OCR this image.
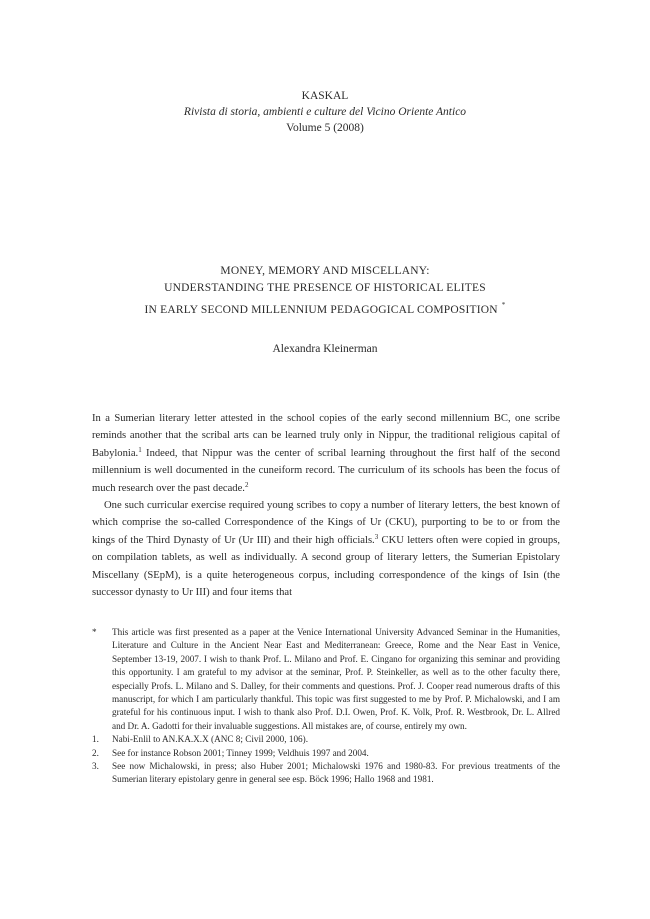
KASKAL
Rivista di storia, ambienti e culture del Vicino Oriente Antico
Volume 5 (2008)
MONEY, MEMORY AND MISCELLANY:
UNDERSTANDING THE PRESENCE OF HISTORICAL ELITES
IN EARLY SECOND MILLENNIUM PEDAGOGICAL COMPOSITION *
Alexandra Kleinerman

In a Sumerian literary letter attested in the school copies of the early second millennium BC, one scribe reminds another that the scribal arts can be learned truly only in Nippur, the traditional religious capital of Babylonia.$^1$ Indeed, that Nippur was the center of scribal learning throughout the first half of the second millennium is well documented in the cuneiform record. The curriculum of its schools has been the focus of much research over the past decade.$^2$

One such curricular exercise required young scribes to copy a number of literary letters, the best known of which comprise the so-called Correspondence of the Kings of Ur (CKU), purporting to be to or from the kings of the Third Dynasty of Ur (Ur III) and their high officials.$^3$ CKU letters often were copied in groups, on compilation tablets, as well as individually. A second group of literary letters, the Sumerian Epistolary Miscellany (SEpM), is a quite heterogeneous corpus, including correspondence of the kings of Isin (the successor dynasty to Ur III) and four items that

*	This article was first presented as a paper at the Venice International University Advanced Seminar in the Humanities, Literature and Culture in the Ancient Near East and Mediterranean: Greece, Rome and the Near East in Venice, September 13-19, 2007. I wish to thank Prof. L. Milano and Prof. E. Cingano for organizing this seminar and providing this opportunity. I am grateful to my advisor at the seminar, Prof. P. Steinkeller, as well as to the other faculty there, especially Profs. L. Milano and S. Dalley, for their comments and questions. Prof. J. Cooper read numerous drafts of this manuscript, for which I am particularly thankful. This topic was first suggested to me by Prof. P. Michalowski, and I am grateful for his continuous input. I wish to thank also Prof. D.I. Owen, Prof. K. Volk, Prof. R. Westbrook, Dr. L. Allred and Dr. A. Gadotti for their invaluable suggestions. All mistakes are, of course, entirely my own.
1.	Nabi-Enlil to AN.KA.X.X (ANC 8; Civil 2000, 106).
2.	See for instance Robson 2001; Tinney 1999; Veldhuis 1997 and 2004.
3.	See now Michalowski, in press; also Huber 2001; Michalowski 1976 and 1980-83. For previous treatments of the Sumerian literary epistolary genre in general see esp. Böck 1996; Hallo 1968 and 1981.
